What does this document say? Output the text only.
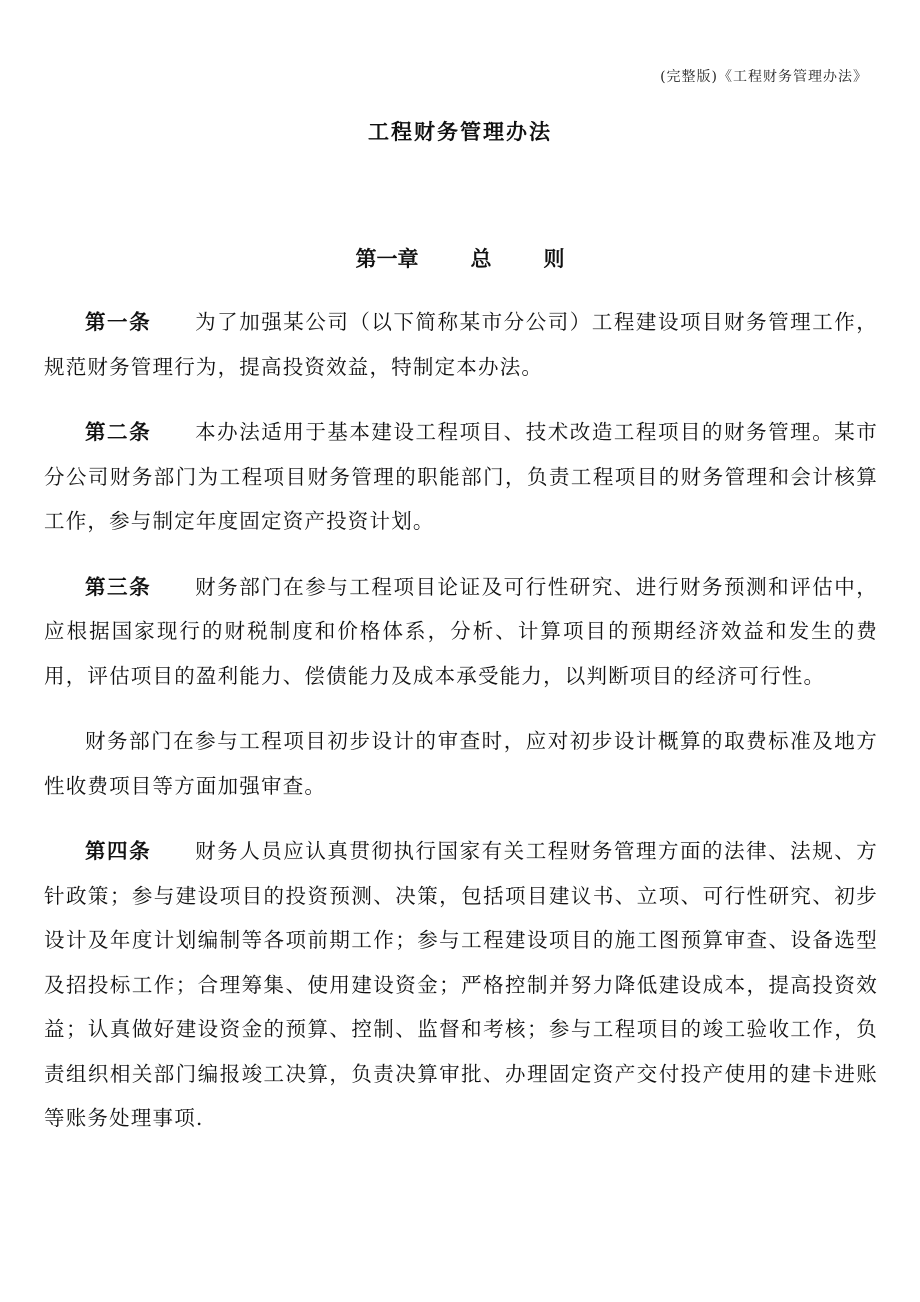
(完整版)《工程财务管理办法》
工程财务管理办法
第一章 总 则

第一条 为了加强某公司（以下简称某市分公司）工程建设项目财务管理工作，规范财务管理行为，提高投资效益，特制定本办法。

第二条 本办法适用于基本建设工程项目、技术改造工程项目的财务管理。某市分公司财务部门为工程项目财务管理的职能部门，负责工程项目的财务管理和会计核算工作，参与制定年度固定资产投资计划。

第三条 财务部门在参与工程项目论证及可行性研究、进行财务预测和评估中，应根据国家现行的财税制度和价格体系，分析、计算项目的预期经济效益和发生的费用，评估项目的盈利能力、偿债能力及成本承受能力，以判断项目的经济可行性。

财务部门在参与工程项目初步设计的审查时，应对初步设计概算的取费标准及地方性收费项目等方面加强审查。

第四条 财务人员应认真贯彻执行国家有关工程财务管理方面的法律、法规、方针政策；参与建设项目的投资预测、决策，包括项目建议书、立项、可行性研究、初步设计及年度计划编制等各项前期工作；参与工程建设项目的施工图预算审查、设备选型及招投标工作；合理筹集、使用建设资金；严格控制并努力降低建设成本，提高投资效益；认真做好建设资金的预算、控制、监督和考核；参与工程项目的竣工验收工作，负责组织相关部门编报竣工决算，负责决算审批、办理固定资产交付投产使用的建卡进账等账务处理事项.
